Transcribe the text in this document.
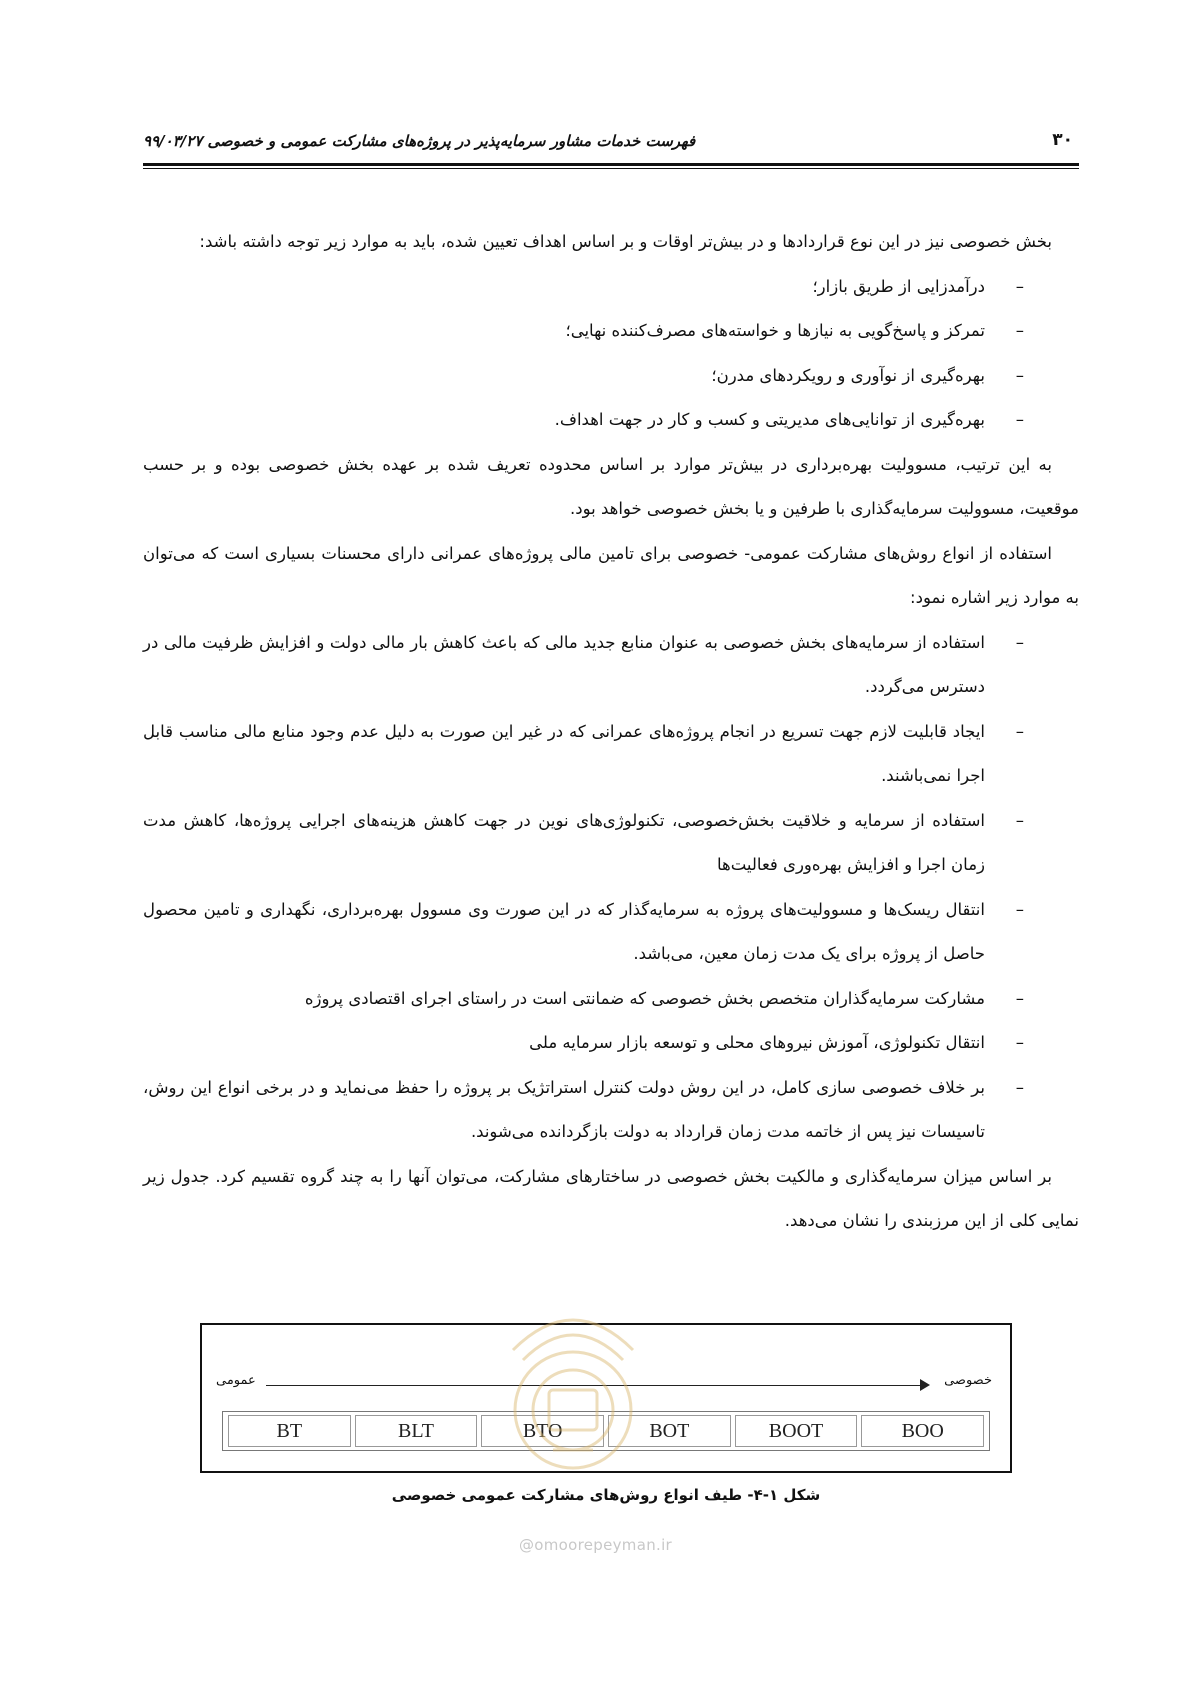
۳۰
فهرست خدمات مشاور سرمایه‌پذیر در پروژه‌های مشارکت عمومی و خصوصی ۹۹/۰۳/۲۷

بخش خصوصی نیز در این نوع قراردادها و در بیش‌تر اوقات و بر اساس اهداف تعیین شده، باید به موارد زیر توجه داشته باشد:

–
درآمدزایی از طریق بازار؛
–
تمرکز و پاسخ‌گویی به نیازها و خواسته‌های مصرف‌کننده نهایی؛
–
بهره‌گیری از نوآوری و رویکردهای مدرن؛
–
بهره‌گیری از توانایی‌های مدیریتی و کسب و کار در جهت اهداف.

به این ترتیب، مسوولیت بهره‌برداری در بیش‌تر موارد بر اساس محدوده تعریف شده بر عهده بخش خصوصی بوده و بر حسب موقعیت، مسوولیت سرمایه‌گذاری با طرفین و یا بخش خصوصی خواهد بود.

استفاده از انواع روش‌های مشارکت عمومی- خصوصی برای تامین مالی پروژه‌های عمرانی دارای محسنات بسیاری است که می‌توان به موارد زیر اشاره نمود:

–
استفاده از سرمایه‌های بخش خصوصی به عنوان منابع جدید مالی که باعث کاهش بار مالی دولت و افزایش ظرفیت مالی در دسترس می‌گردد.
–
ایجاد قابلیت لازم جهت تسریع در انجام پروژه‌های عمرانی که در غیر این صورت به دلیل عدم وجود منابع مالی مناسب قابل اجرا نمی‌باشند.
–
استفاده از سرمایه و خلاقیت بخش‌خصوصی، تکنولوژی‌های نوین در جهت کاهش هزینه‌های اجرایی پروژه‌ها، کاهش مدت زمان اجرا و افزایش بهره‌وری فعالیت‌ها
–
انتقال ریسک‌ها و مسوولیت‌های پروژه به سرمایه‌گذار که در این صورت وی مسوول بهره‌برداری، نگهداری و تامین محصول حاصل از پروژه برای یک مدت زمان معین، می‌باشد.
–
مشارکت سرمایه‌گذاران متخصص بخش خصوصی که ضمانتی است در راستای اجرای اقتصادی پروژه
–
انتقال تکنولوژی، آموزش نیروهای محلی و توسعه بازار سرمایه ملی
–
بر خلاف خصوصی سازی کامل، در این روش دولت کنترل استراتژیک بر پروژه را حفظ می‌نماید و در برخی انواع این روش، تاسیسات نیز پس از خاتمه مدت زمان قرارداد به دولت بازگردانده می‌شوند.

بر اساس میزان سرمایه‌گذاری و مالکیت بخش خصوصی در ساختارهای مشارکت، می‌توان آنها را به چند گروه تقسیم کرد. جدول زیر نمایی کلی از این مرزبندی را نشان می‌دهد.

عمومی	خصوصی
BT	BLT	BTO	BOT	BOOT	BOO
شکل ۱-۴- طیف انواع روش‌های مشارکت عمومی خصوصی
@omoorepeyman.ir
